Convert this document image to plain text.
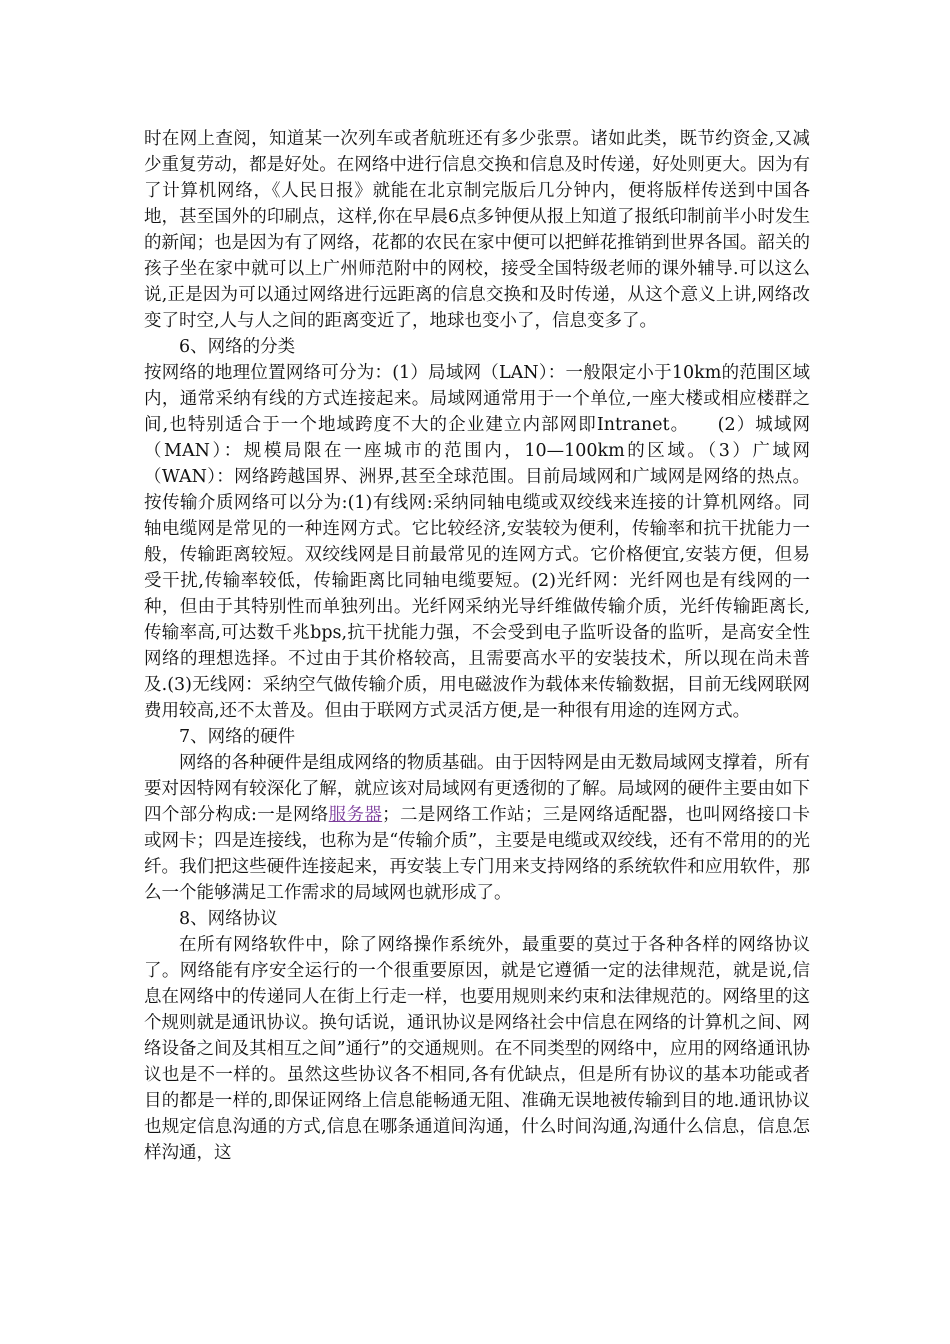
时在网上查阅，知道某一次列车或者航班还有多少张票。诸如此类，既节约资金,又减少重复劳动，都是好处。在网络中进行信息交换和信息及时传递，好处则更大。因为有了计算机网络，《人民日报》就能在北京制完版后几分钟内，便将版样传送到中国各地，甚至国外的印刷点，这样,你在早晨6点多钟便从报上知道了报纸印制前半小时发生的新闻；也是因为有了网络，花都的农民在家中便可以把鲜花推销到世界各国。韶关的孩子坐在家中就可以上广州师范附中的网校，接受全国特级老师的课外辅导.可以这么说,正是因为可以通过网络进行远距离的信息交换和及时传递，从这个意义上讲,网络改变了时空,人与人之间的距离变近了，地球也变小了，信息变多了。

6、网络的分类

按网络的地理位置网络可分为：(1）局域网（LAN）：一般限定小于10km的范围区域内，通常采纳有线的方式连接起来。局域网通常用于一个单位,一座大楼或相应楼群之间,也特别适合于一个地域跨度不大的企业建立内部网即Intranet。　　(2）城域网（MAN）：规模局限在一座城市的范围内，10—100km的区域。（3）广域网（WAN）：网络跨越国界、洲界,甚至全球范围。目前局域网和广域网是网络的热点。按传输介质网络可以分为:(1)有线网:采纳同轴电缆或双绞线来连接的计算机网络。同轴电缆网是常见的一种连网方式。它比较经济,安装较为便利，传输率和抗干扰能力一般，传输距离较短。双绞线网是目前最常见的连网方式。它价格便宜,安装方便，但易受干扰,传输率较低，传输距离比同轴电缆要短。(2)光纤网：光纤网也是有线网的一种，但由于其特别性而单独列出。光纤网采纳光导纤维做传输介质，光纤传输距离长,传输率高,可达数千兆bps,抗干扰能力强，不会受到电子监听设备的监听，是高安全性网络的理想选择。不过由于其价格较高，且需要高水平的安装技术，所以现在尚未普及.(3)无线网：采纳空气做传输介质，用电磁波作为载体来传输数据，目前无线网联网费用较高,还不太普及。但由于联网方式灵活方便,是一种很有用途的连网方式。

7、网络的硬件

网络的各种硬件是组成网络的物质基础。由于因特网是由无数局域网支撑着，所有要对因特网有较深化了解，就应该对局域网有更透彻的了解。局域网的硬件主要由如下四个部分构成:一是网络服务器；二是网络工作站；三是网络适配器，也叫网络接口卡或网卡；四是连接线，也称为是“传输介质”，主要是电缆或双绞线，还有不常用的的光纤。我们把这些硬件连接起来，再安装上专门用来支持网络的系统软件和应用软件，那么一个能够满足工作需求的局域网也就形成了。

8、网络协议

在所有网络软件中，除了网络操作系统外，最重要的莫过于各种各样的网络协议了。网络能有序安全运行的一个很重要原因，就是它遵循一定的法律规范，就是说,信息在网络中的传递同人在街上行走一样，也要用规则来约束和法律规范的。网络里的这个规则就是通讯协议。换句话说，通讯协议是网络社会中信息在网络的计算机之间、网络设备之间及其相互之间”通行”的交通规则。在不同类型的网络中，应用的网络通讯协议也是不一样的。虽然这些协议各不相同,各有优缺点，但是所有协议的基本功能或者目的都是一样的,即保证网络上信息能畅通无阻、准确无误地被传输到目的地.通讯协议也规定信息沟通的方式,信息在哪条通道间沟通，什么时间沟通,沟通什么信息，信息怎样沟通，这
